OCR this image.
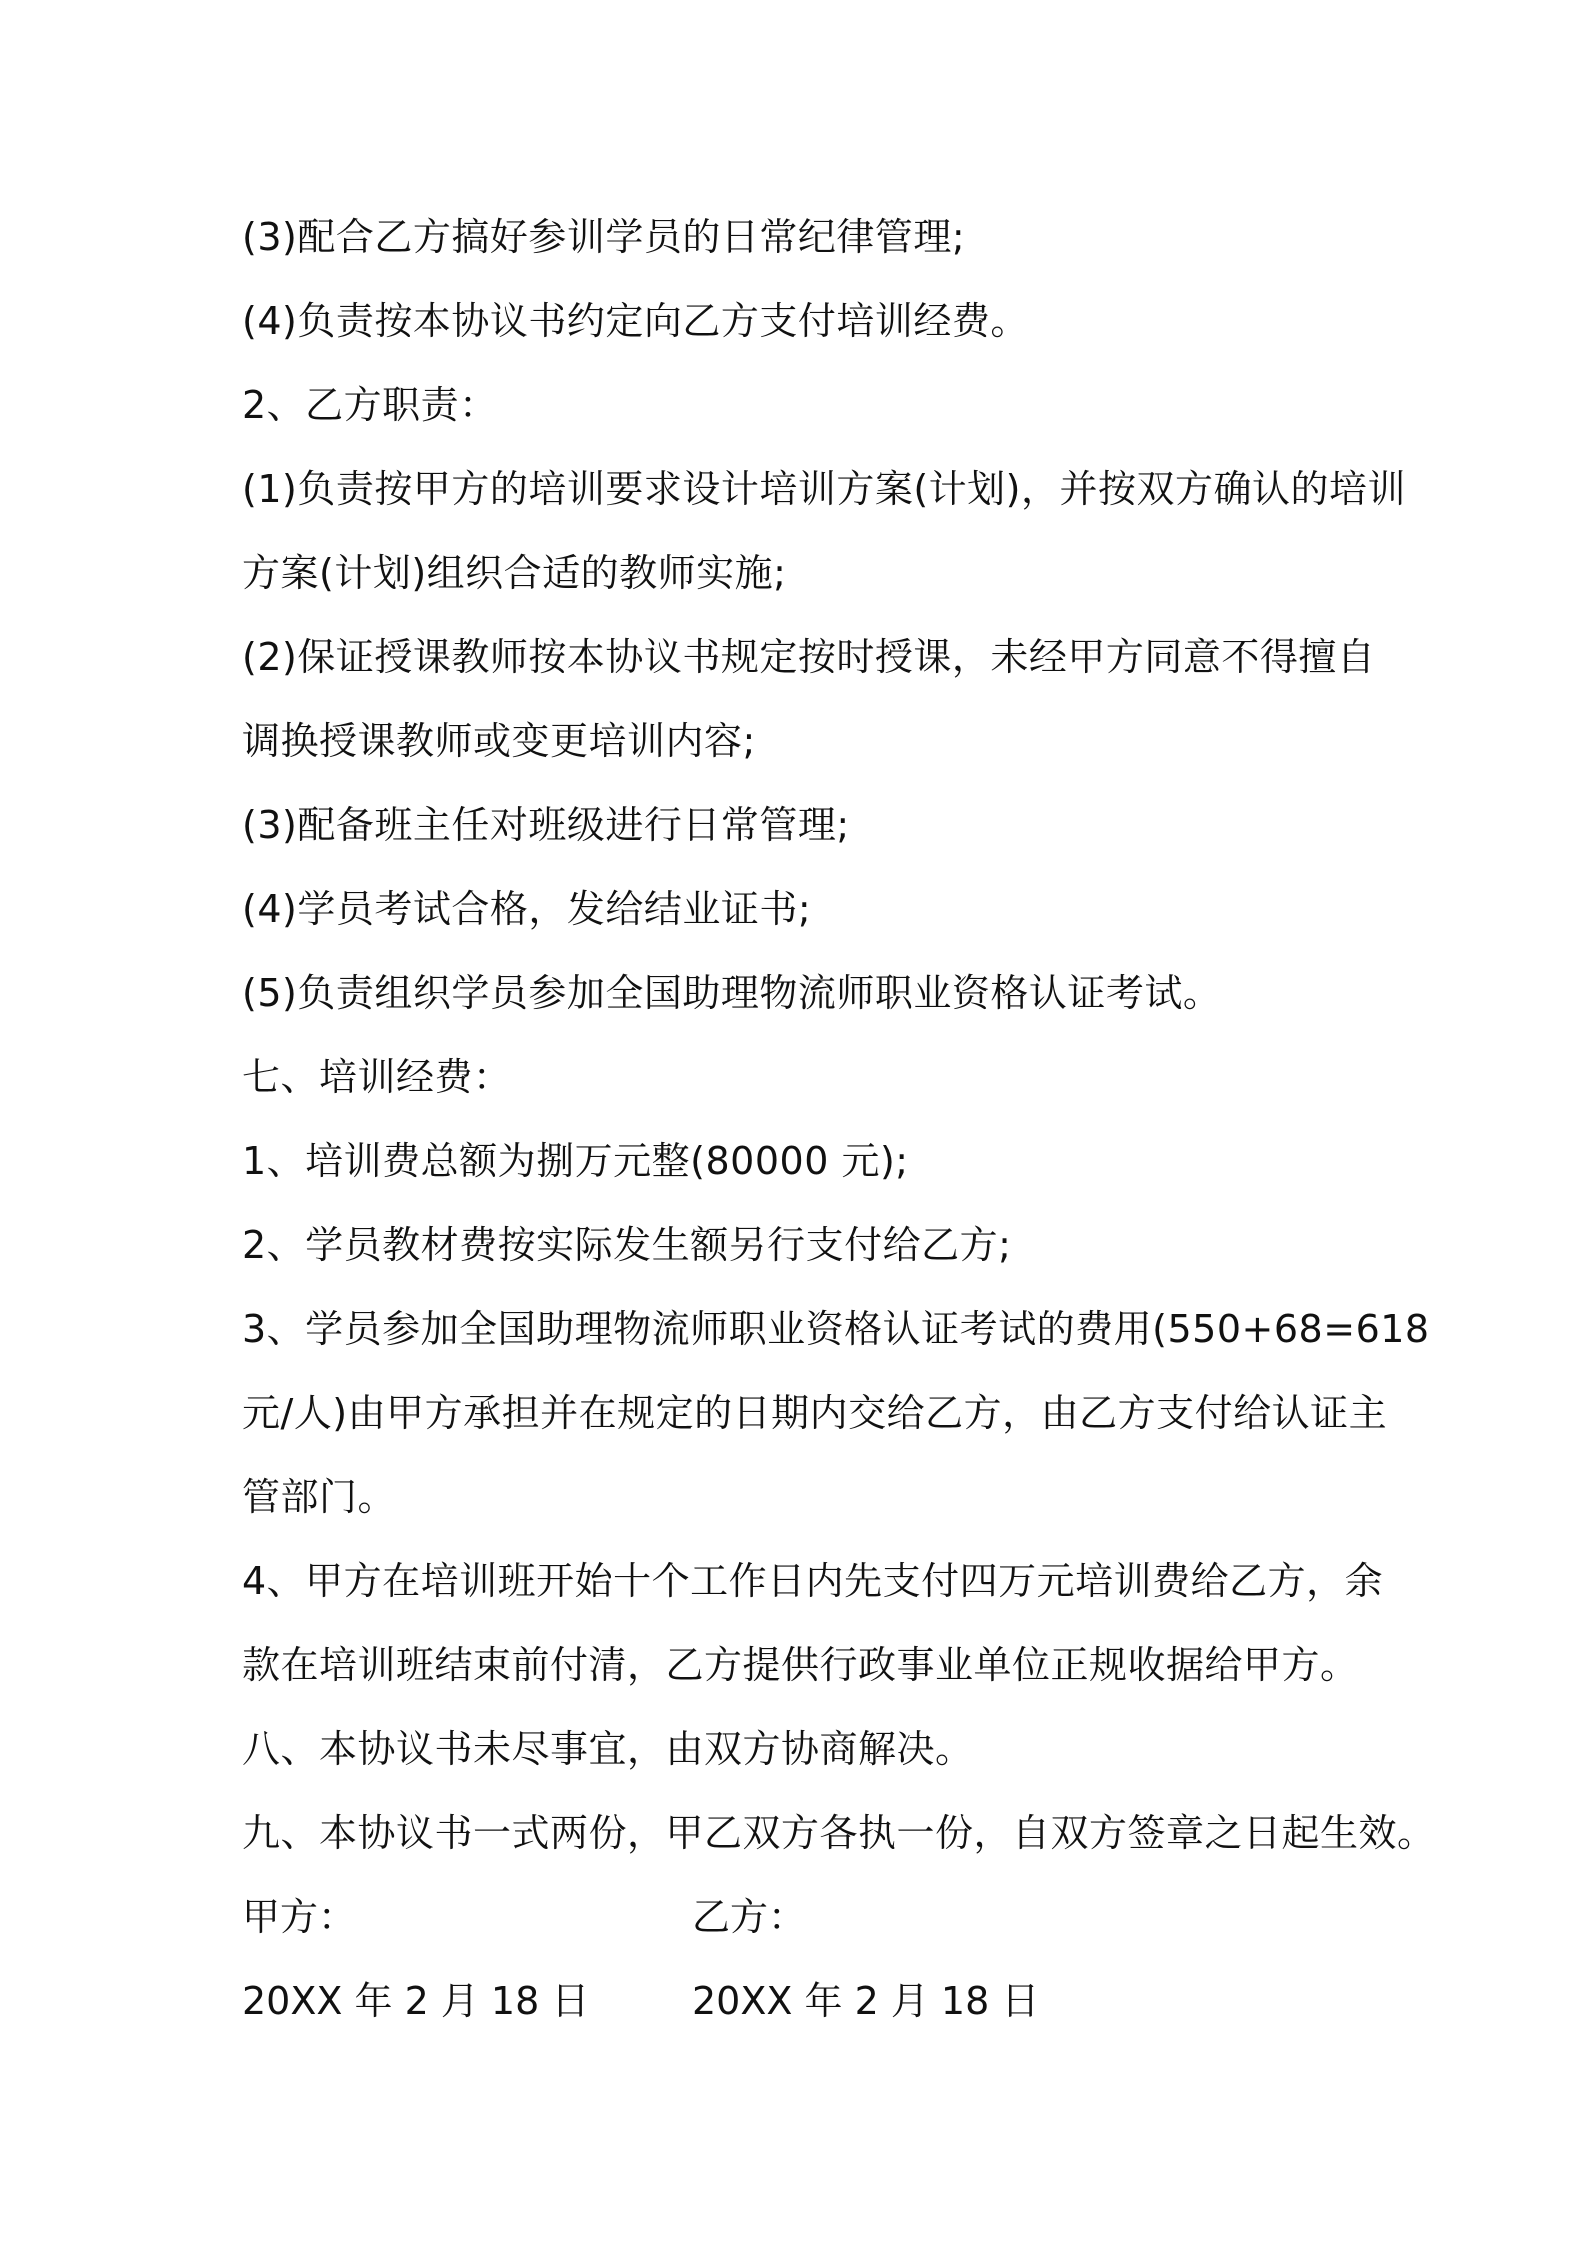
(3)配合乙方搞好参训学员的日常纪律管理;
(4)负责按本协议书约定向乙方支付培训经费。
2、乙方职责：
(1)负责按甲方的培训要求设计培训方案(计划)，并按双方确认的培训
方案(计划)组织合适的教师实施;
(2)保证授课教师按本协议书规定按时授课，未经甲方同意不得擅自
调换授课教师或变更培训内容;
(3)配备班主任对班级进行日常管理;
(4)学员考试合格，发给结业证书;
(5)负责组织学员参加全国助理物流师职业资格认证考试。
七、培训经费：
1、培训费总额为捌万元整(80000 元);
2、学员教材费按实际发生额另行支付给乙方;
3、学员参加全国助理物流师职业资格认证考试的费用(550+68=618
元/人)由甲方承担并在规定的日期内交给乙方，由乙方支付给认证主
管部门。
4、甲方在培训班开始十个工作日内先支付四万元培训费给乙方，余
款在培训班结束前付清，乙方提供行政事业单位正规收据给甲方。
八、本协议书未尽事宜，由双方协商解决。
九、本协议书一式两份，甲乙双方各执一份，自双方签章之日起生效。
甲方：	乙方：
20XX 年 2 月 18 日	20XX 年 2 月 18 日
